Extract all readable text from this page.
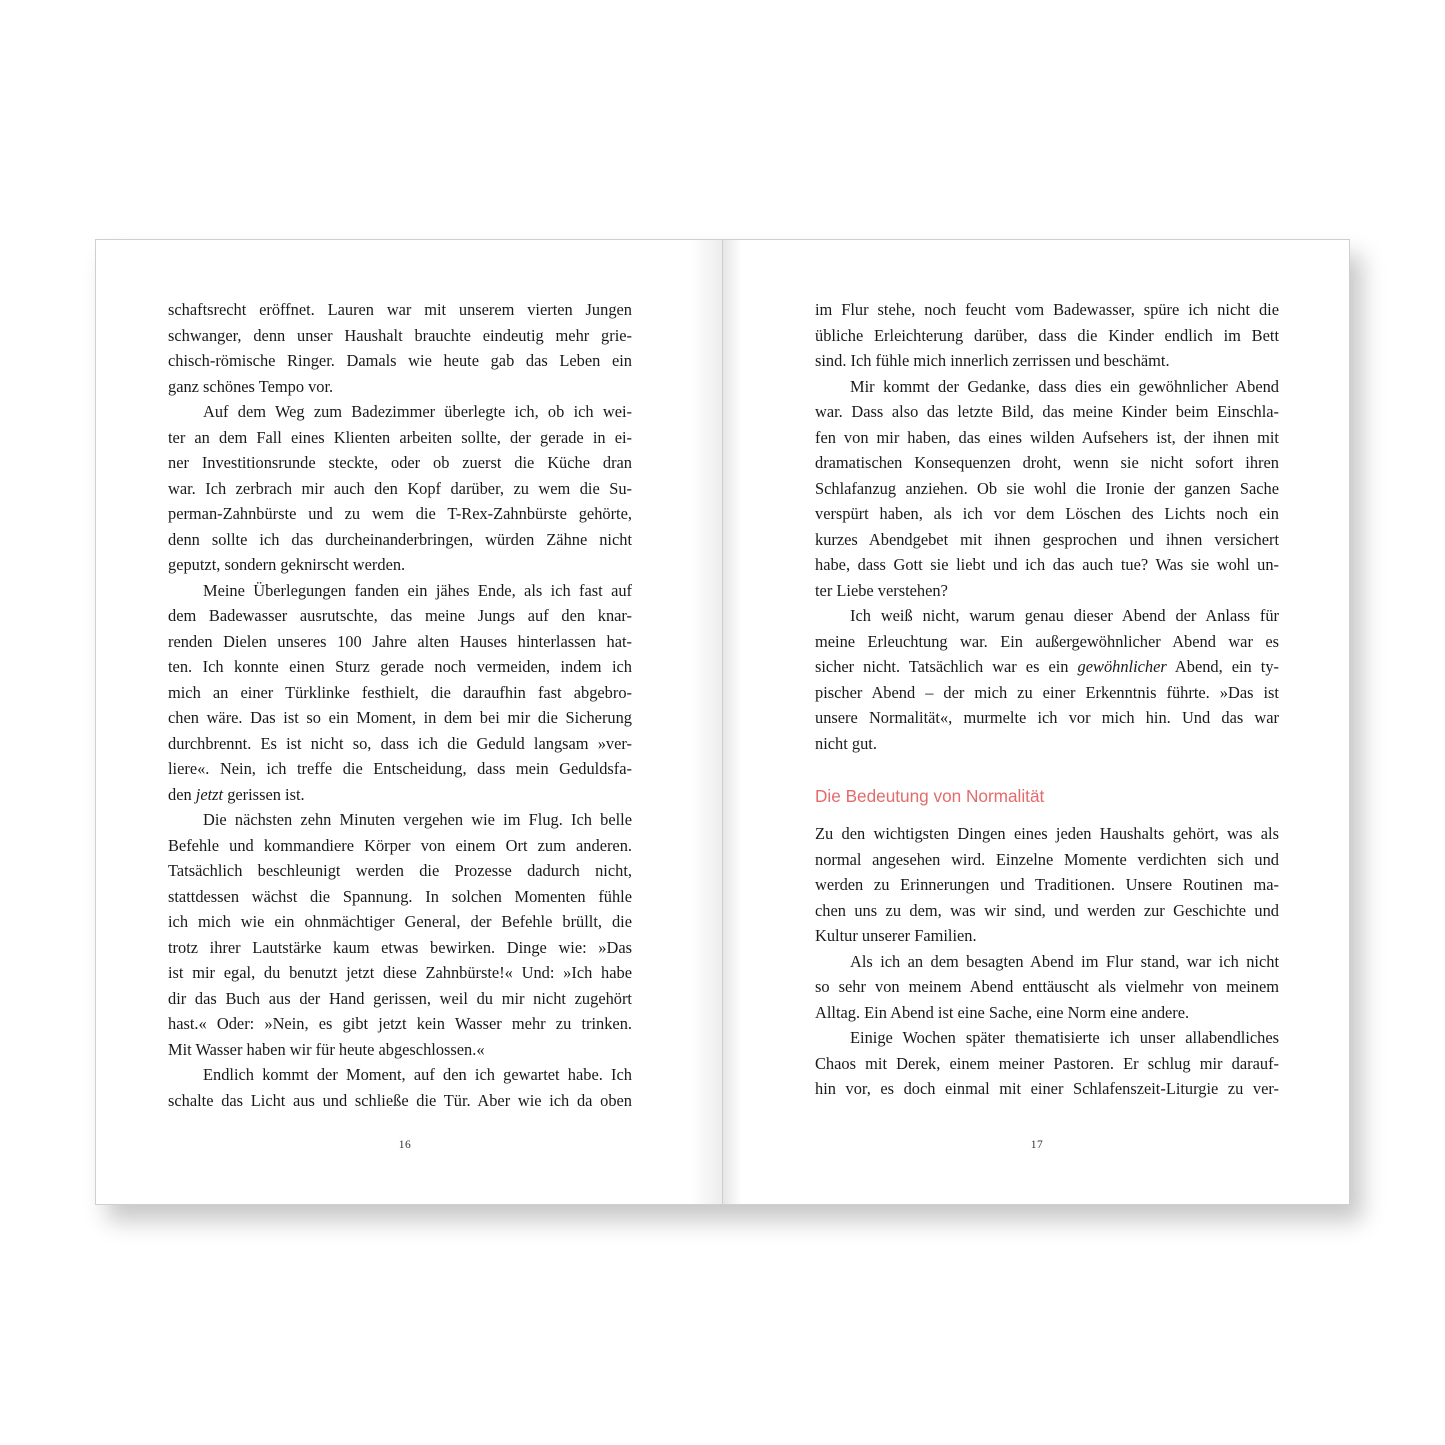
schaftsrecht eröffnet. Lauren war mit unserem vierten Jungen
schwanger, denn unser Haushalt brauchte eindeutig mehr grie-
chisch-römische Ringer. Damals wie heute gab das Leben ein
ganz schönes Tempo vor.
Auf dem Weg zum Badezimmer überlegte ich, ob ich wei-
ter an dem Fall eines Klienten arbeiten sollte, der gerade in ei-
ner Investitionsrunde steckte, oder ob zuerst die Küche dran
war. Ich zerbrach mir auch den Kopf darüber, zu wem die Su-
perman-Zahnbürste und zu wem die T-Rex-Zahnbürste gehörte,
denn sollte ich das durcheinanderbringen, würden Zähne nicht
geputzt, sondern geknirscht werden.
Meine Überlegungen fanden ein jähes Ende, als ich fast auf
dem Badewasser ausrutschte, das meine Jungs auf den knar-
renden Dielen unseres 100 Jahre alten Hauses hinterlassen hat-
ten. Ich konnte einen Sturz gerade noch vermeiden, indem ich
mich an einer Türklinke festhielt, die daraufhin fast abgebro-
chen wäre. Das ist so ein Moment, in dem bei mir die Sicherung
durchbrennt. Es ist nicht so, dass ich die Geduld langsam »ver-
liere«. Nein, ich treffe die Entscheidung, dass mein Geduldsfa-
den jetzt gerissen ist.
Die nächsten zehn Minuten vergehen wie im Flug. Ich belle
Befehle und kommandiere Körper von einem Ort zum anderen.
Tatsächlich beschleunigt werden die Prozesse dadurch nicht,
stattdessen wächst die Spannung. In solchen Momenten fühle
ich mich wie ein ohnmächtiger General, der Befehle brüllt, die
trotz ihrer Lautstärke kaum etwas bewirken. Dinge wie: »Das
ist mir egal, du benutzt jetzt diese Zahnbürste!« Und: »Ich habe
dir das Buch aus der Hand gerissen, weil du mir nicht zugehört
hast.« Oder: »Nein, es gibt jetzt kein Wasser mehr zu trinken.
Mit Wasser haben wir für heute abgeschlossen.«
Endlich kommt der Moment, auf den ich gewartet habe. Ich
schalte das Licht aus und schließe die Tür. Aber wie ich da oben
16
im Flur stehe, noch feucht vom Badewasser, spüre ich nicht die
übliche Erleichterung darüber, dass die Kinder endlich im Bett
sind. Ich fühle mich innerlich zerrissen und beschämt.
Mir kommt der Gedanke, dass dies ein gewöhnlicher Abend
war. Dass also das letzte Bild, das meine Kinder beim Einschla-
fen von mir haben, das eines wilden Aufsehers ist, der ihnen mit
dramatischen Konsequenzen droht, wenn sie nicht sofort ihren
Schlafanzug anziehen. Ob sie wohl die Ironie der ganzen Sache
verspürt haben, als ich vor dem Löschen des Lichts noch ein
kurzes Abendgebet mit ihnen gesprochen und ihnen versichert
habe, dass Gott sie liebt und ich das auch tue? Was sie wohl un-
ter Liebe verstehen?
Ich weiß nicht, warum genau dieser Abend der Anlass für
meine Erleuchtung war. Ein außergewöhnlicher Abend war es
sicher nicht. Tatsächlich war es ein gewöhnlicher Abend, ein ty-
pischer Abend – der mich zu einer Erkenntnis führte. »Das ist
unsere Normalität«, murmelte ich vor mich hin. Und das war
nicht gut.
Die Bedeutung von Normalität
Zu den wichtigsten Dingen eines jeden Haushalts gehört, was als
normal angesehen wird. Einzelne Momente verdichten sich und
werden zu Erinnerungen und Traditionen. Unsere Routinen ma-
chen uns zu dem, was wir sind, und werden zur Geschichte und
Kultur unserer Familien.
Als ich an dem besagten Abend im Flur stand, war ich nicht
so sehr von meinem Abend enttäuscht als vielmehr von meinem
Alltag. Ein Abend ist eine Sache, eine Norm eine andere.
Einige Wochen später thematisierte ich unser allabendliches
Chaos mit Derek, einem meiner Pastoren. Er schlug mir darauf-
hin vor, es doch einmal mit einer Schlafenszeit-Liturgie zu ver-
17
